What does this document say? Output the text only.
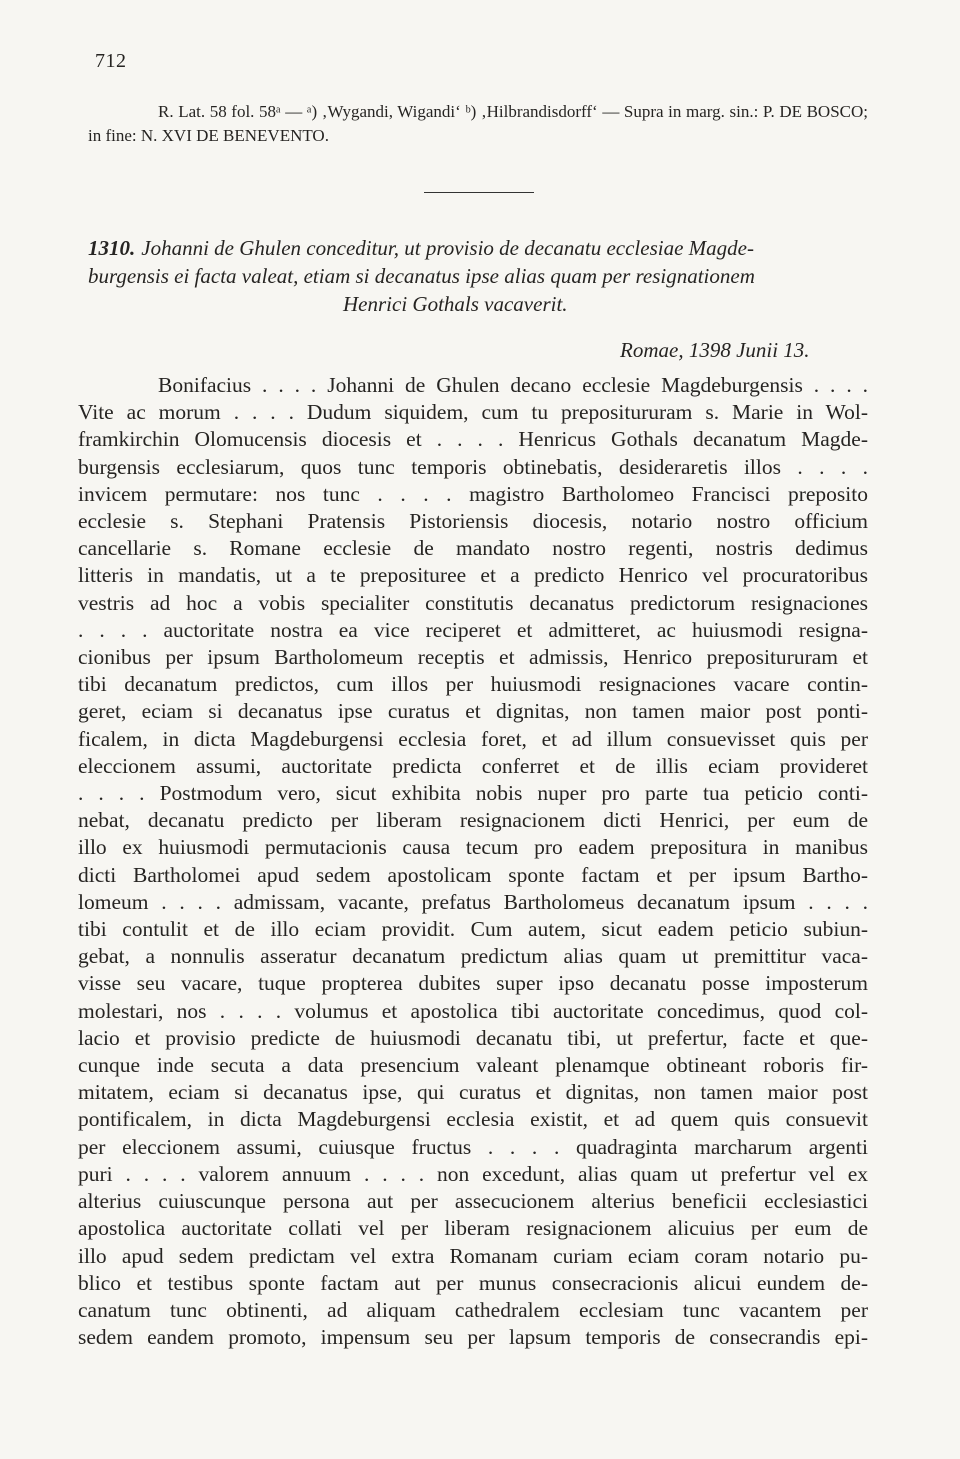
712
R. Lat. 58 fol. 58ᵃ — ᵃ) ‚Wygandi, Wigandi‘ ᵇ) ‚Hilbrandisdorff‘ — Supra in marg. sin.: P. DE BOSCO; in fine: N. XVI DE BENEVENTO.
1310. Johanni de Ghulen conceditur, ut provisio de decanatu ecclesiae Magde-
burgensis ei facta valeat, etiam si decanatus ipse alias quam per resignationem
Henrici Gothals vacaverit.
Romae, 1398 Junii 13.
Bonifacius . . . . Johanni de Ghulen decano ecclesie Magdeburgensis . . . .
Vite ac morum . . . . Dudum siquidem, cum tu prepositururam s. Marie in Wol-
framkirchin Olomucensis diocesis et . . . . Henricus Gothals decanatum Magde-
burgensis ecclesiarum, quos tunc temporis obtinebatis, desideraretis illos . . . .
invicem permutare: nos tunc . . . . magistro Bartholomeo Francisci preposito
ecclesie s. Stephani Pratensis Pistoriensis diocesis, notario nostro officium
cancellarie s. Romane ecclesie de mandato nostro regenti, nostris dedimus
litteris in mandatis, ut a te preposituree et a predicto Henrico vel procuratoribus
vestris ad hoc a vobis specialiter constitutis decanatus predictorum resignaciones
. . . . auctoritate nostra ea vice reciperet et admitteret, ac huiusmodi resigna-
cionibus per ipsum Bartholomeum receptis et admissis, Henrico prepositururam et
tibi decanatum predictos, cum illos per huiusmodi resignaciones vacare contin-
geret, eciam si decanatus ipse curatus et dignitas, non tamen maior post ponti-
ficalem, in dicta Magdeburgensi ecclesia foret, et ad illum consuevisset quis per
eleccionem assumi, auctoritate predicta conferret et de illis eciam provideret
. . . . Postmodum vero, sicut exhibita nobis nuper pro parte tua peticio conti-
nebat, decanatu predicto per liberam resignacionem dicti Henrici, per eum de
illo ex huiusmodi permutacionis causa tecum pro eadem prepositura in manibus
dicti Bartholomei apud sedem apostolicam sponte factam et per ipsum Bartho-
lomeum . . . . admissam, vacante, prefatus Bartholomeus decanatum ipsum . . . .
tibi contulit et de illo eciam providit. Cum autem, sicut eadem peticio subiun-
gebat, a nonnulis asseratur decanatum predictum alias quam ut premittitur vaca-
visse seu vacare, tuque propterea dubites super ipso decanatu posse imposterum
molestari, nos . . . . volumus et apostolica tibi auctoritate concedimus, quod col-
lacio et provisio predicte de huiusmodi decanatu tibi, ut prefertur, facte et que-
cunque inde secuta a data presencium valeant plenamque obtineant roboris fir-
mitatem, eciam si decanatus ipse, qui curatus et dignitas, non tamen maior post
pontificalem, in dicta Magdeburgensi ecclesia existit, et ad quem quis consuevit
per eleccionem assumi, cuiusque fructus . . . . quadraginta marcharum argenti
puri . . . . valorem annuum . . . . non excedunt, alias quam ut prefertur vel ex
alterius cuiuscunque persona aut per assecucionem alterius beneficii ecclesiastici
apostolica auctoritate collati vel per liberam resignacionem alicuius per eum de
illo apud sedem predictam vel extra Romanam curiam eciam coram notario pu-
blico et testibus sponte factam aut per munus consecracionis alicui eundem de-
canatum tunc obtinenti, ad aliquam cathedralem ecclesiam tunc vacantem per
sedem eandem promoto, impensum seu per lapsum temporis de consecrandis epi-
